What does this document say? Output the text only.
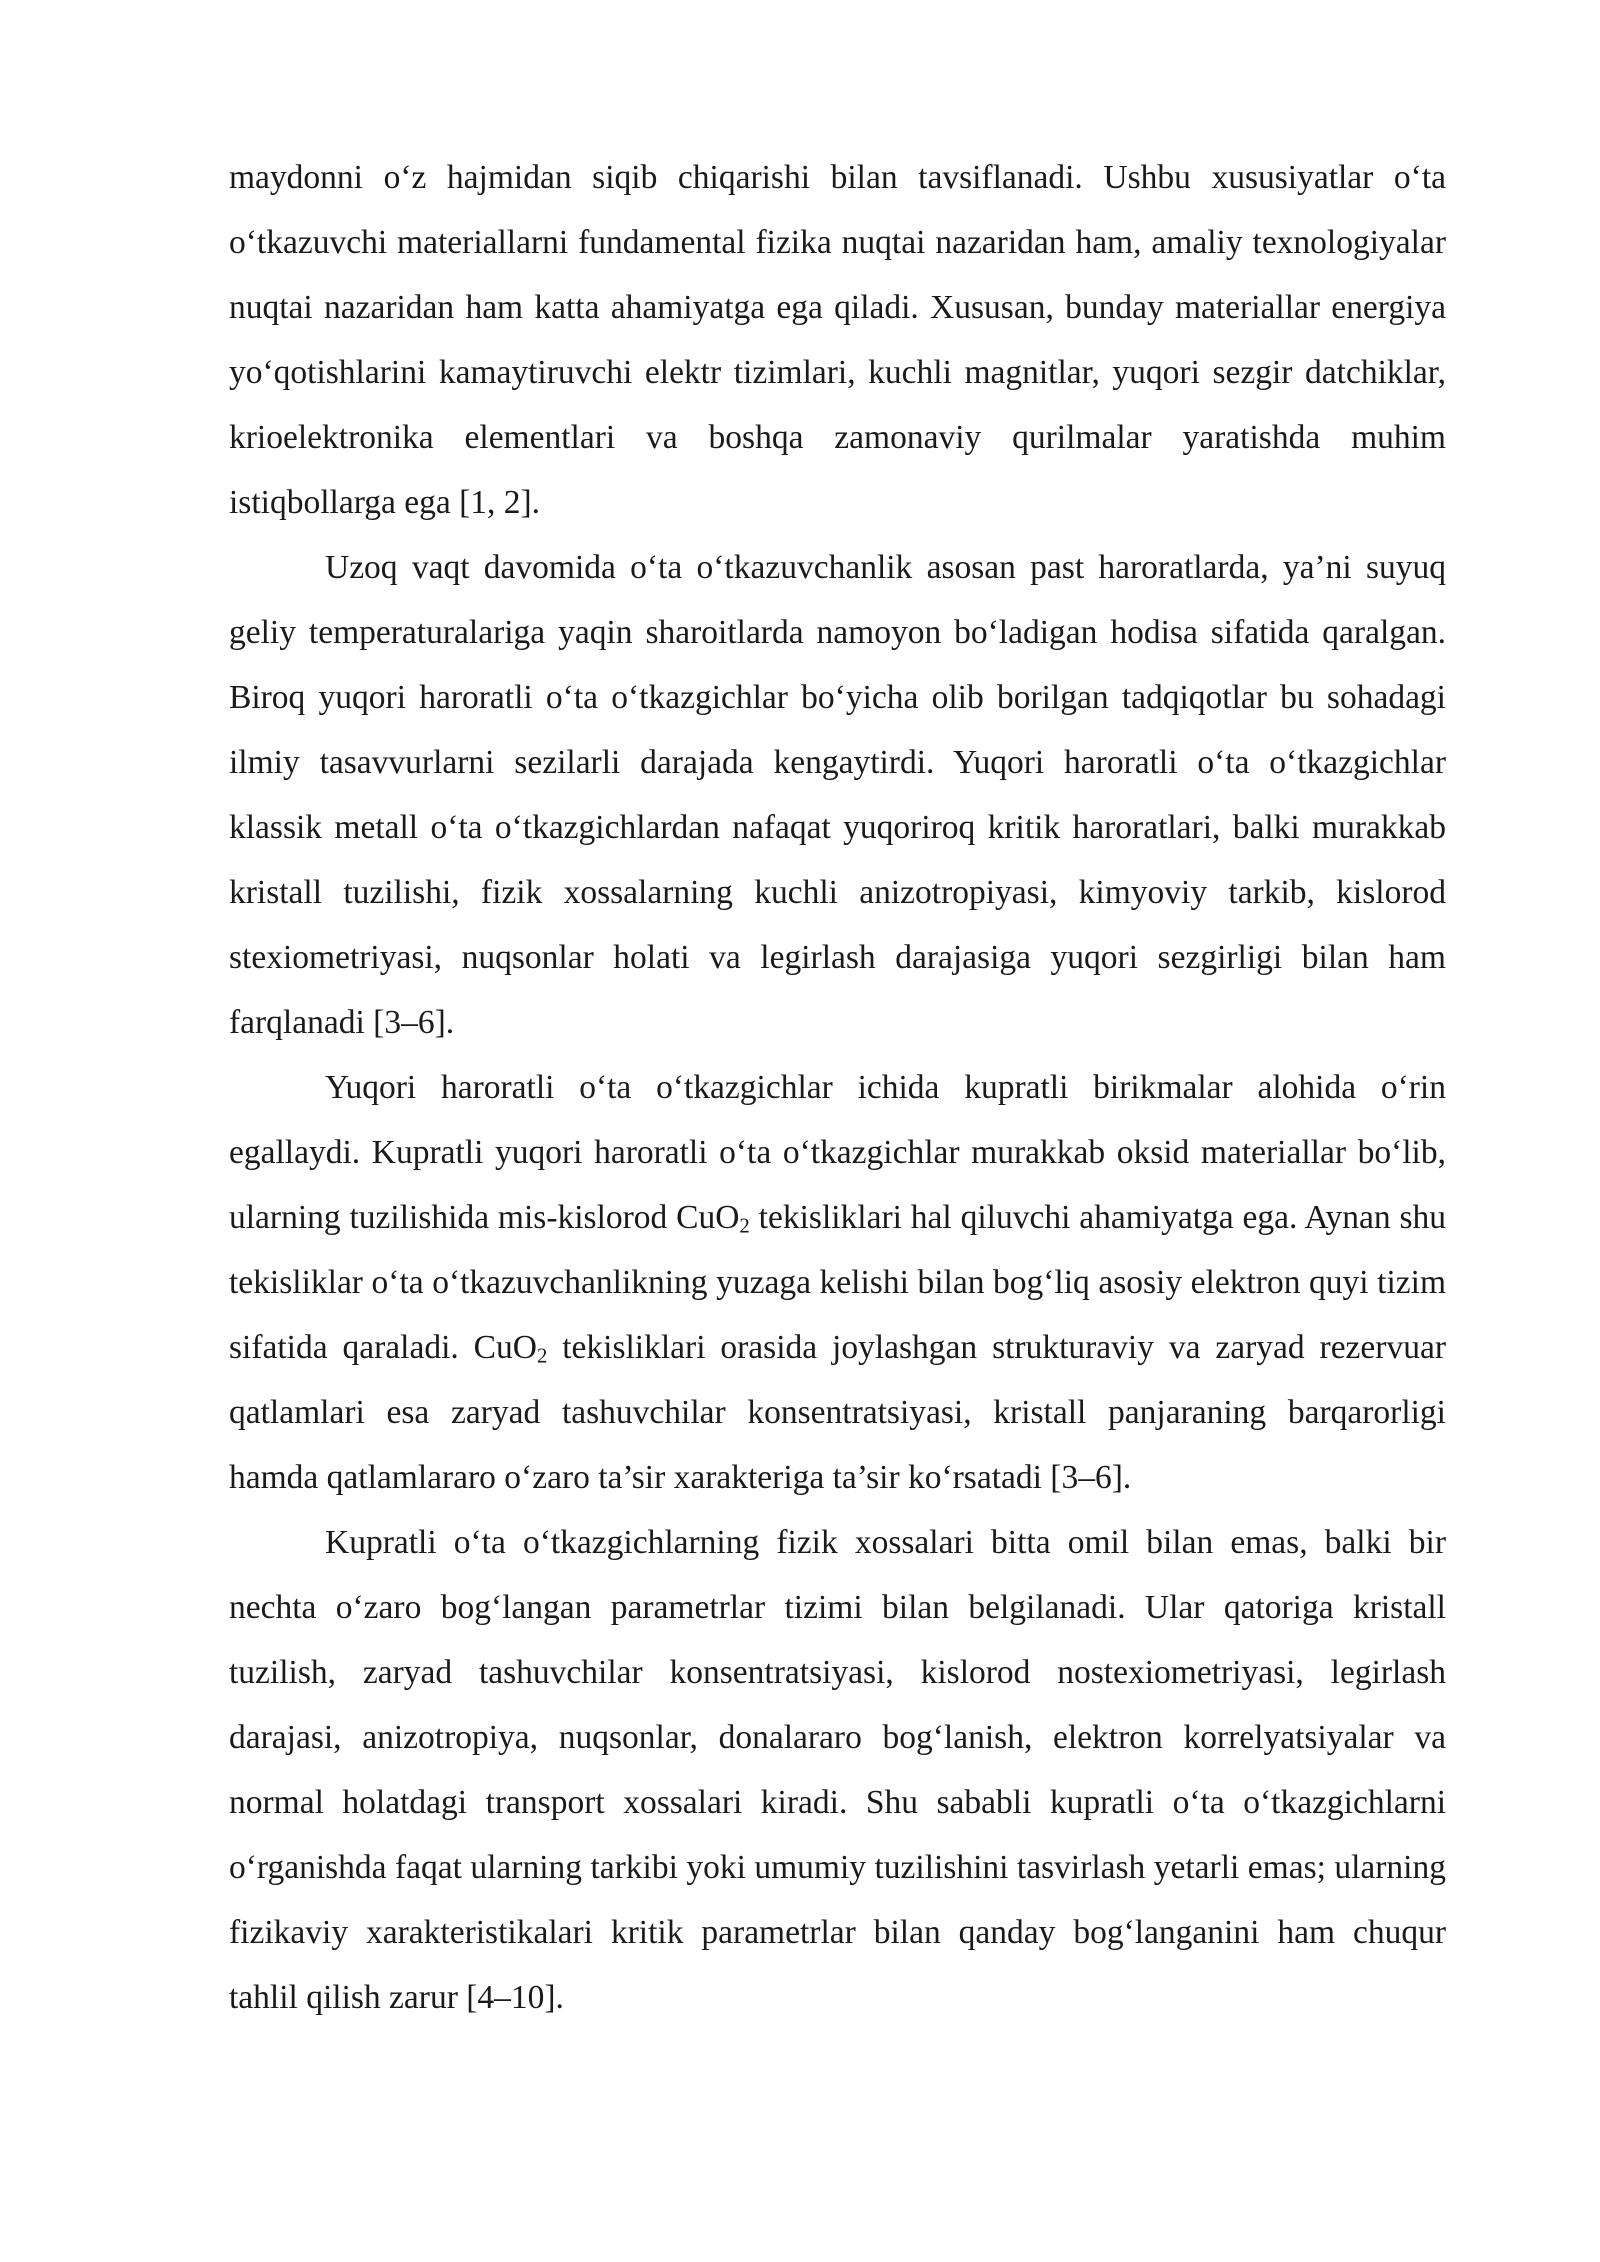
maydonni o‘z hajmidan siqib chiqarishi bilan tavsiflanadi. Ushbu xususiyatlar o‘ta o‘tkazuvchi materiallarni fundamental fizika nuqtai nazaridan ham, amaliy texnologiyalar nuqtai nazaridan ham katta ahamiyatga ega qiladi. Xususan, bunday materiallar energiya yo‘qotishlarini kamaytiruvchi elektr tizimlari, kuchli magnitlar, yuqori sezgir datchiklar, krioelektronika elementlari va boshqa zamonaviy qurilmalar yaratishda muhim istiqbollarga ega [1, 2].

Uzoq vaqt davomida o‘ta o‘tkazuvchanlik asosan past haroratlarda, ya’ni suyuq geliy temperaturalariga yaqin sharoitlarda namoyon bo‘ladigan hodisa sifatida qaralgan. Biroq yuqori haroratli o‘ta o‘tkazgichlar bo‘yicha olib borilgan tadqiqotlar bu sohadagi ilmiy tasavvurlarni sezilarli darajada kengaytirdi. Yuqori haroratli o‘ta o‘tkazgichlar klassik metall o‘ta o‘tkazgichlardan nafaqat yuqoriroq kritik haroratlari, balki murakkab kristall tuzilishi, fizik xossalarning kuchli anizotropiyasi, kimyoviy tarkib, kislorod stexiometriyasi, nuqsonlar holati va legirlash darajasiga yuqori sezgirligi bilan ham farqlanadi [3–6].

Yuqori haroratli o‘ta o‘tkazgichlar ichida kupratli birikmalar alohida o‘rin egallaydi. Kupratli yuqori haroratli o‘ta o‘tkazgichlar murakkab oksid materiallar bo‘lib, ularning tuzilishida mis-kislorod CuO$_2$ tekisliklari hal qiluvchi ahamiyatga ega. Aynan shu tekisliklar o‘ta o‘tkazuvchanlikning yuzaga kelishi bilan bog‘liq asosiy elektron quyi tizim sifatida qaraladi. CuO$_2$ tekisliklari orasida joylashgan strukturaviy va zaryad rezervuar qatlamlari esa zaryad tashuvchilar konsentratsiyasi, kristall panjaraning barqarorligi hamda qatlamlararo o‘zaro ta’sir xarakteriga ta’sir ko‘rsatadi [3–6].

Kupratli o‘ta o‘tkazgichlarning fizik xossalari bitta omil bilan emas, balki bir nechta o‘zaro bog‘langan parametrlar tizimi bilan belgilanadi. Ular qatoriga kristall tuzilish, zaryad tashuvchilar konsentratsiyasi, kislorod nostexiometriyasi, legirlash darajasi, anizotropiya, nuqsonlar, donalararo bog‘lanish, elektron korrelyatsiyalar va normal holatdagi transport xossalari kiradi. Shu sababli kupratli o‘ta o‘tkazgichlarni o‘rganishda faqat ularning tarkibi yoki umumiy tuzilishini tasvirlash yetarli emas; ularning fizikaviy xarakteristikalari kritik parametrlar bilan qanday bog‘langanini ham chuqur tahlil qilish zarur [4–10].
